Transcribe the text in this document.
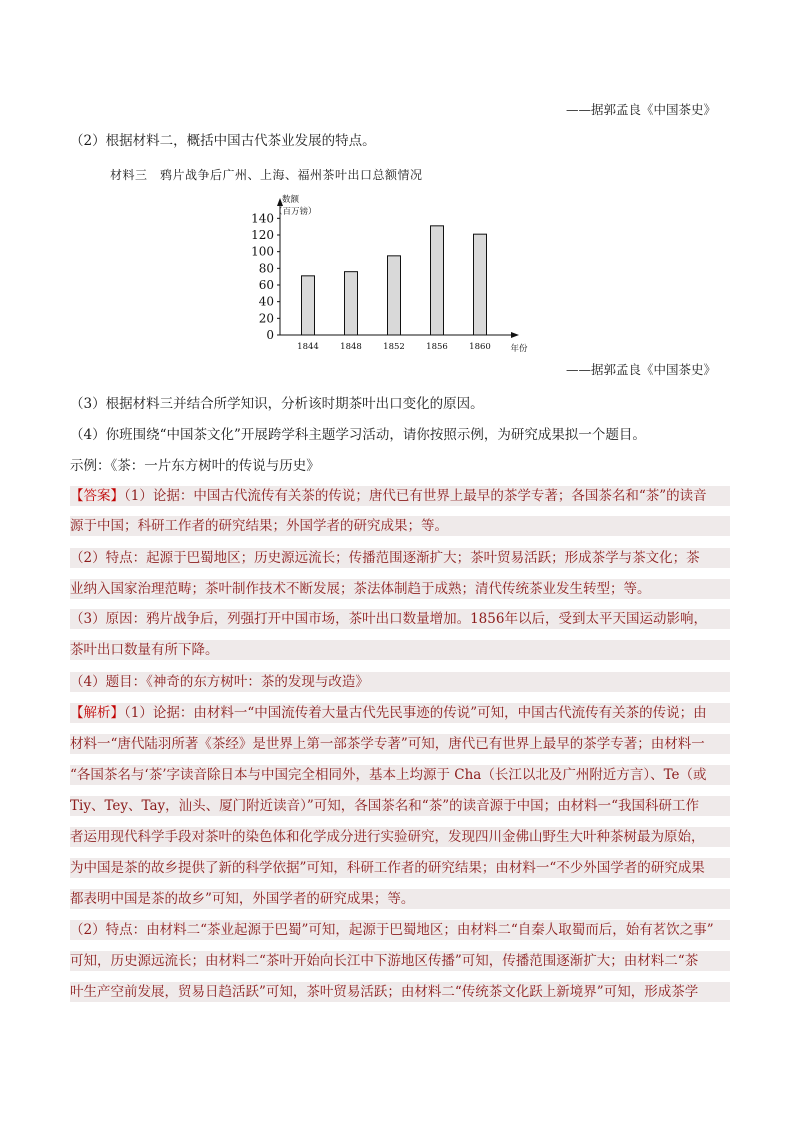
——据郭孟良《中国茶史》
（2）根据材料二，概括中国古代茶业发展的特点。
材料三　鸦片战争后广州、上海、福州茶叶出口总额情况
0
20
40
60
80
100
120
140
数额
（百万镑）
1844	1848	1852	1856	1860 年份
——据郭孟良《中国茶史》
（3）根据材料三并结合所学知识，分析该时期茶叶出口变化的原因。
（4）你班围绕“中国茶文化”开展跨学科主题学习活动，请你按照示例，为研究成果拟一个题目。
示例：《茶：一片东方树叶的传说与历史》
【答案】（1）论据：中国古代流传有关茶的传说；唐代已有世界上最早的茶学专著；各国茶名和“茶”的读音
源于中国；科研工作者的研究结果；外国学者的研究成果；等。
（2）特点：起源于巴蜀地区；历史源远流长；传播范围逐渐扩大；茶叶贸易活跃；形成茶学与茶文化；茶
业纳入国家治理范畴；茶叶制作技术不断发展；茶法体制趋于成熟；清代传统茶业发生转型；等。
（3）原因：鸦片战争后，列强打开中国市场，茶叶出口数量增加。1856年以后，受到太平天国运动影响，
茶叶出口数量有所下降。
（4）题目：《神奇的东方树叶：茶的发现与改造》
【解析】（1）论据：由材料一“中国流传着大量古代先民事迹的传说”可知，中国古代流传有关茶的传说；由
材料一“唐代陆羽所著《茶经》是世界上第一部茶学专著”可知，唐代已有世界上最早的茶学专著；由材料一
“各国茶名与‘茶’字读音除日本与中国完全相同外，基本上均源于 Cha（长江以北及广州附近方言）、Te（或
Tiy、Tey、Tay，汕头、厦门附近读音）”可知，各国茶名和“茶”的读音源于中国；由材料一“我国科研工作
者运用现代科学手段对茶叶的染色体和化学成分进行实验研究，发现四川金佛山野生大叶种茶树最为原始，
为中国是茶的故乡提供了新的科学依据”可知，科研工作者的研究结果；由材料一“不少外国学者的研究成果
都表明中国是茶的故乡”可知，外国学者的研究成果；等。
（2）特点：由材料二“茶业起源于巴蜀”可知，起源于巴蜀地区；由材料二“自秦人取蜀而后，始有茗饮之事”
可知，历史源远流长；由材料二“茶叶开始向长江中下游地区传播”可知，传播范围逐渐扩大；由材料二“茶
叶生产空前发展，贸易日趋活跃”可知，茶叶贸易活跃；由材料二“传统茶文化跃上新境界”可知，形成茶学
